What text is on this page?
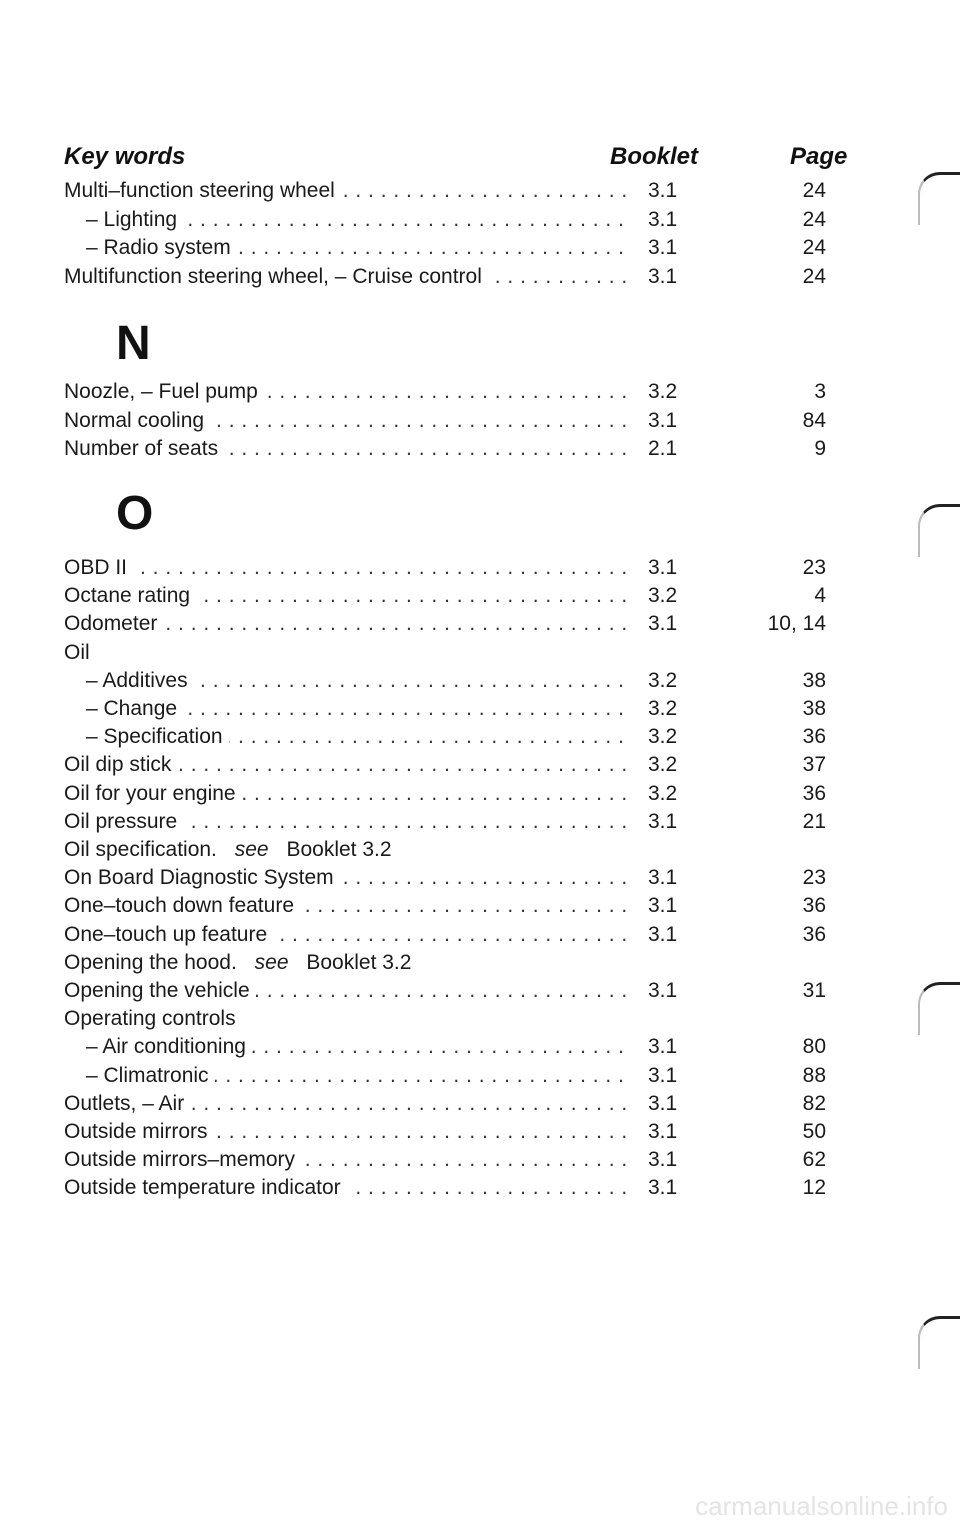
Key words	Booklet	Page
Multi–function steering wheel . . .	3.1	24
– Lighting . . .	3.1	24
– Radio system . . .	3.1	24
Multifunction steering wheel, – Cruise control . . .	3.1	24
N
Noozle, – Fuel pump . . .	3.2	3
Normal cooling . . .	3.1	84
Number of seats . . .	2.1	9
O
OBD II . . .	3.1	23
Octane rating . . .	3.2	4
Odometer . . .	3.1	10, 14
Oil
– Additives . . .	3.2	38
– Change . . .	3.2	38
– Specification . . .	3.2	36
Oil dip stick . . .	3.2	37
Oil for your engine . . .	3.2	36
Oil pressure . . .	3.1	21
Oil specification. see Booklet 3.2
On Board Diagnostic System . . .	3.1	23
One–touch down feature . . .	3.1	36
One–touch up feature . . .	3.1	36
Opening the hood. see Booklet 3.2
Opening the vehicle . . .	3.1	31
Operating controls
– Air conditioning . . .	3.1	80
– Climatronic . . .	3.1	88
Outlets, – Air . . .	3.1	82
Outside mirrors . . .	3.1	50
Outside mirrors–memory . . .	3.1	62
Outside temperature indicator . . .	3.1	12
carmanualsonline.info
